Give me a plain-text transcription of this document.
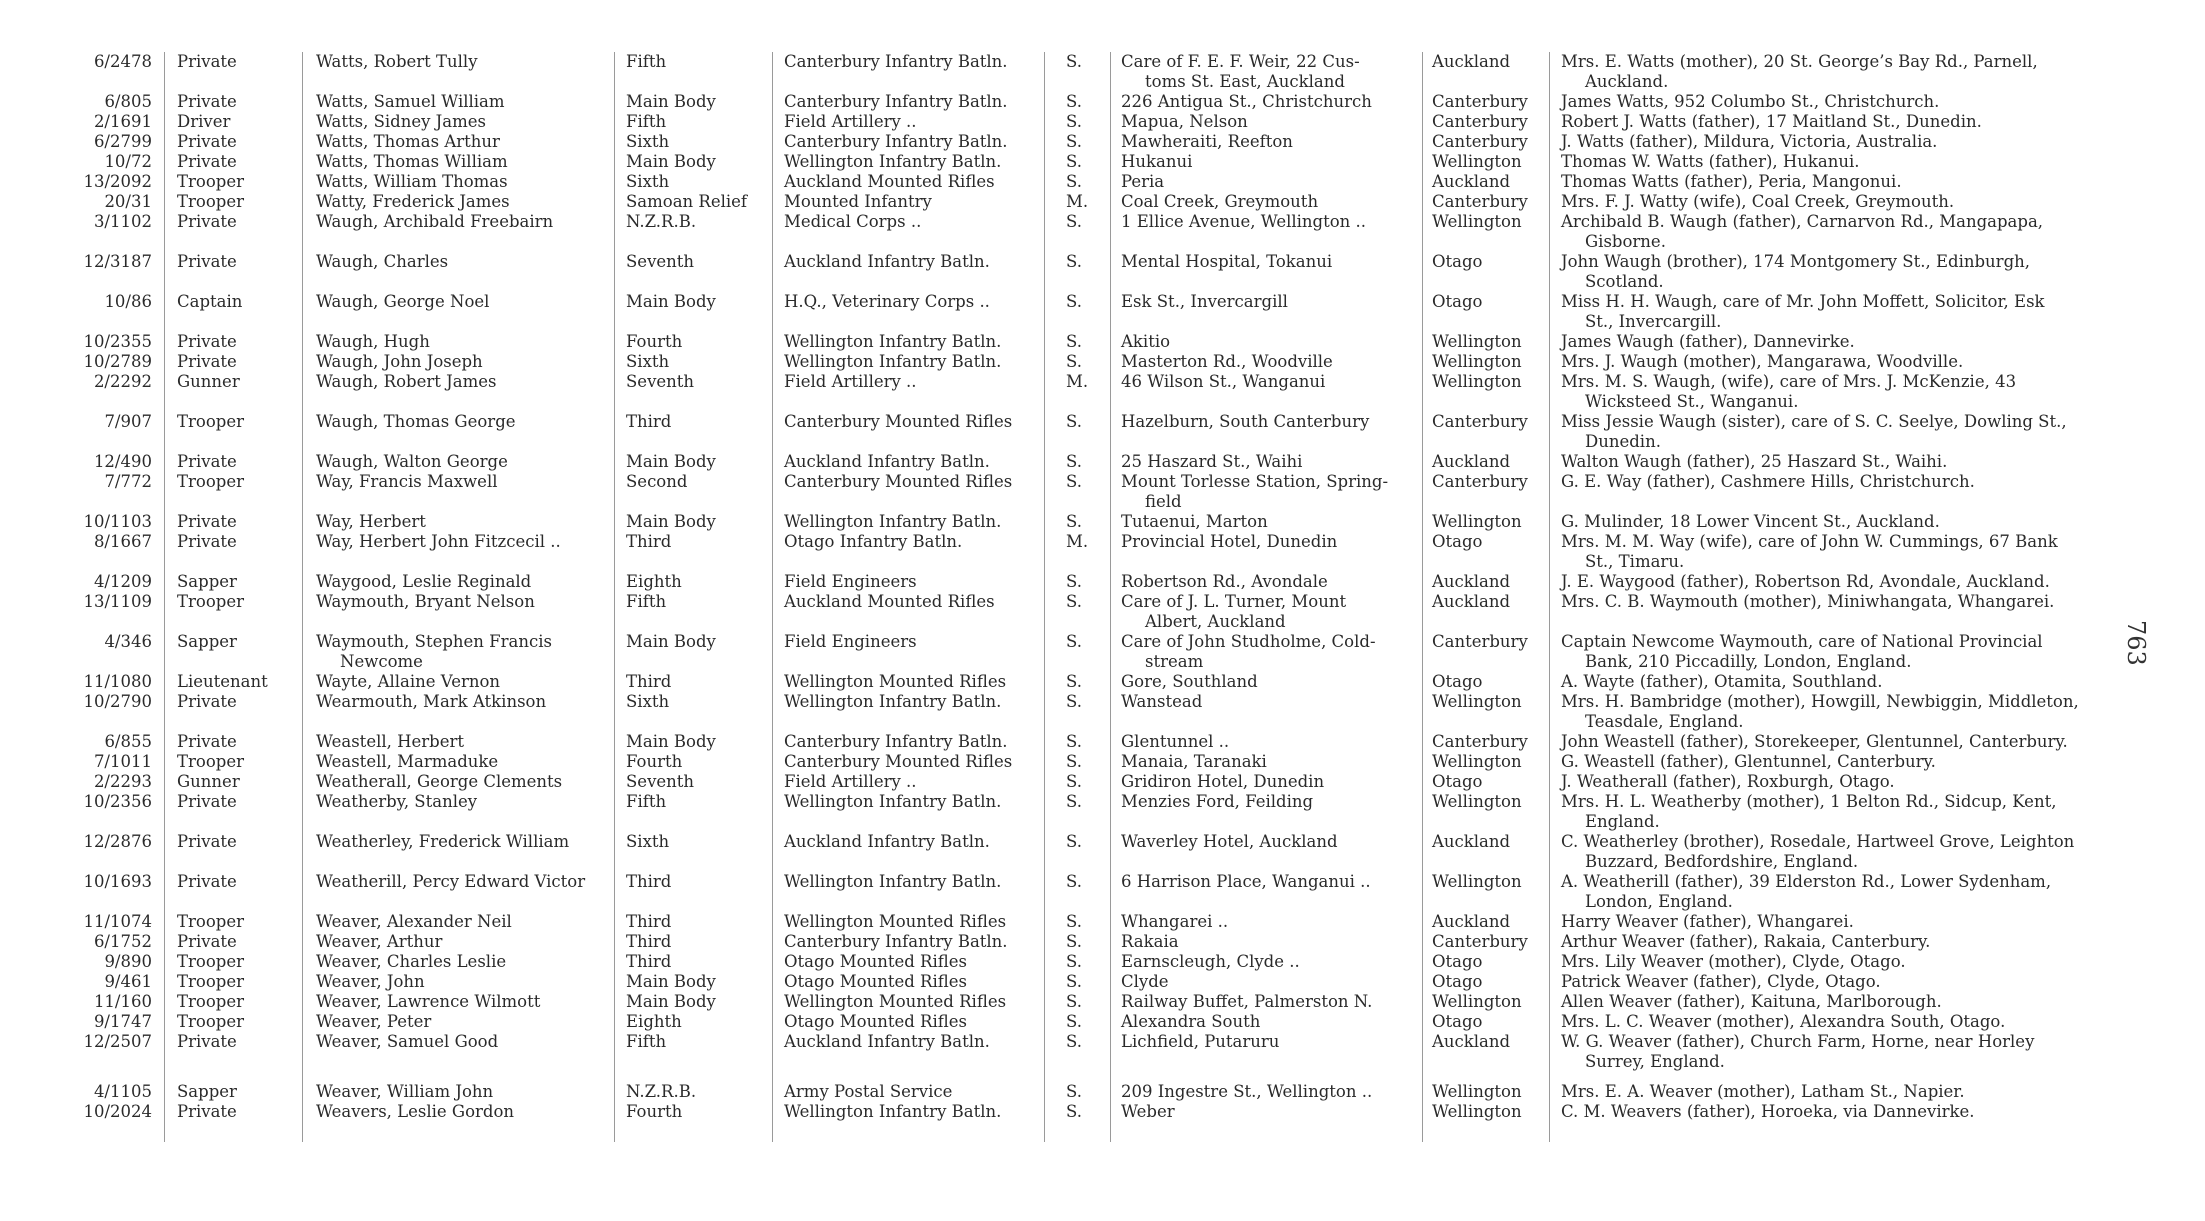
6/2478 Private	Watts, Robert Tully	Fifth	Canterbury Infantry Batln.	S. Care of F. E. F. Weir, 22 Cus-
toms St. East, Auckland
Auckland	Mrs. E. Watts (mother), 20 St. George’s Bay Rd., Parnell,
Auckland.
6/805 Private	Watts, Samuel William	Main Body	Canterbury Infantry Batln.	S. 226 Antigua St., Christchurch	Canterbury James Watts, 952 Columbo St., Christchurch.
2/1691 Driver	Watts, Sidney James	Fifth	Field Artillery ..	S. Mapua, Nelson	Canterbury Robert J. Watts (father), 17 Maitland St., Dunedin.
6/2799 Private	Watts, Thomas Arthur	Sixth	Canterbury Infantry Batln.	S. Mawheraiti, Reefton	Canterbury J. Watts (father), Mildura, Victoria, Australia.
10/72 Private	Watts, Thomas William	Main Body	Wellington Infantry Batln.	S. Hukanui	Wellington Thomas W. Watts (father), Hukanui.
13/2092 Trooper	Watts, William Thomas	Sixth	Auckland Mounted Rifles	S. Peria	Auckland	Thomas Watts (father), Peria, Mangonui.
20/31 Trooper	Watty, Frederick James	Samoan Relief Mounted Infantry	M. Coal Creek, Greymouth	Canterbury Mrs. F. J. Watty (wife), Coal Creek, Greymouth.
3/1102 Private	Waugh, Archibald Freebairn	N.Z.R.B.	Medical Corps ..	S. 1 Ellice Avenue, Wellington ..	Wellington Archibald B. Waugh (father), Carnarvon Rd., Mangapapa,
Gisborne.
12/3187 Private	Waugh, Charles	Seventh	Auckland Infantry Batln.	S. Mental Hospital, Tokanui	Otago	John Waugh (brother), 174 Montgomery St., Edinburgh,
Scotland.
10/86 Captain	Waugh, George Noel	Main Body	H.Q., Veterinary Corps ..	S. Esk St., Invercargill	Otago	Miss H. H. Waugh, care of Mr. John Moffett, Solicitor, Esk
St., Invercargill.
10/2355 Private	Waugh, Hugh	Fourth	Wellington Infantry Batln.	S. Akitio	Wellington James Waugh (father), Dannevirke.
10/2789 Private	Waugh, John Joseph	Sixth	Wellington Infantry Batln.	S. Masterton Rd., Woodville	Wellington Mrs. J. Waugh (mother), Mangarawa, Woodville.
2/2292 Gunner	Waugh, Robert James	Seventh	Field Artillery ..	M. 46 Wilson St., Wanganui	Wellington Mrs. M. S. Waugh, (wife), care of Mrs. J. McKenzie, 43
Wicksteed St., Wanganui.
7/907 Trooper	Waugh, Thomas George	Third	Canterbury Mounted Rifles	S. Hazelburn, South Canterbury	Canterbury Miss Jessie Waugh (sister), care of S. C. Seelye, Dowling St.,
Dunedin.
12/490 Private	Waugh, Walton George	Main Body	Auckland Infantry Batln.	S. 25 Haszard St., Waihi	Auckland	Walton Waugh (father), 25 Haszard St., Waihi.
7/772 Trooper	Way, Francis Maxwell	Second	Canterbury Mounted Rifles	S. Mount Torlesse Station, Spring-
field
Canterbury G. E. Way (father), Cashmere Hills, Christchurch.
10/1103 Private	Way, Herbert	Main Body	Wellington Infantry Batln.	S. Tutaenui, Marton	Wellington G. Mulinder, 18 Lower Vincent St., Auckland.
8/1667 Private	Way, Herbert John Fitzcecil ..	Third	Otago Infantry Batln.	M. Provincial Hotel, Dunedin	Otago	Mrs. M. M. Way (wife), care of John W. Cummings, 67 Bank
St., Timaru.
4/1209 Sapper	Waygood, Leslie Reginald	Eighth	Field Engineers	S. Robertson Rd., Avondale	Auckland	J. E. Waygood (father), Robertson Rd, Avondale, Auckland.
13/1109 Trooper	Waymouth, Bryant Nelson	Fifth	Auckland Mounted Rifles	S. Care of J. L. Turner, Mount
Albert, Auckland
Auckland	Mrs. C. B. Waymouth (mother), Miniwhangata, Whangarei.
4/346 Sapper	Waymouth, Stephen Francis
Newcome
Main Body	Field Engineers	S. Care of John Studholme, Cold-
stream
Canterbury Captain Newcome Waymouth, care of National Provincial
Bank, 210 Piccadilly, London, England.
11/1080 Lieutenant	Wayte, Allaine Vernon	Third	Wellington Mounted Rifles	S. Gore, Southland	Otago	A. Wayte (father), Otamita, Southland.
10/2790 Private	Wearmouth, Mark Atkinson	Sixth	Wellington Infantry Batln.	S. Wanstead	Wellington Mrs. H. Bambridge (mother), Howgill, Newbiggin, Middleton,
Teasdale, England.
6/855 Private	Weastell, Herbert	Main Body	Canterbury Infantry Batln.	S. Glentunnel ..	Canterbury John Weastell (father), Storekeeper, Glentunnel, Canterbury.
7/1011 Trooper	Weastell, Marmaduke	Fourth	Canterbury Mounted Rifles	S. Manaia, Taranaki	Wellington G. Weastell (father), Glentunnel, Canterbury.
2/2293 Gunner	Weatherall, George Clements	Seventh	Field Artillery ..	S. Gridiron Hotel, Dunedin	Otago	J. Weatherall (father), Roxburgh, Otago.
10/2356 Private	Weatherby, Stanley	Fifth	Wellington Infantry Batln.	S. Menzies Ford, Feilding	Wellington Mrs. H. L. Weatherby (mother), 1 Belton Rd., Sidcup, Kent,
England.
12/2876 Private	Weatherley, Frederick William	Sixth	Auckland Infantry Batln.	S. Waverley Hotel, Auckland	Auckland	C. Weatherley (brother), Rosedale, Hartweel Grove, Leighton
Buzzard, Bedfordshire, England.
10/1693 Private	Weatherill, Percy Edward Victor Third	Wellington Infantry Batln.	S. 6 Harrison Place, Wanganui ..	Wellington A. Weatherill (father), 39 Elderston Rd., Lower Sydenham,
London, England.
11/1074 Trooper	Weaver, Alexander Neil	Third	Wellington Mounted Rifles	S. Whangarei ..	Auckland	Harry Weaver (father), Whangarei.
6/1752 Private	Weaver, Arthur	Third	Canterbury Infantry Batln.	S. Rakaia	Canterbury Arthur Weaver (father), Rakaia, Canterbury.
9/890 Trooper	Weaver, Charles Leslie	Third	Otago Mounted Rifles	S. Earnscleugh, Clyde ..	Otago	Mrs. Lily Weaver (mother), Clyde, Otago.
9/461 Trooper	Weaver, John	Main Body	Otago Mounted Rifles	S. Clyde	Otago	Patrick Weaver (father), Clyde, Otago.
11/160 Trooper	Weaver, Lawrence Wilmott	Main Body	Wellington Mounted Rifles	S. Railway Buffet, Palmerston N.	Wellington Allen Weaver (father), Kaituna, Marlborough.
9/1747 Trooper	Weaver, Peter	Eighth	Otago Mounted Rifles	S. Alexandra South	Otago	Mrs. L. C. Weaver (mother), Alexandra South, Otago.
12/2507 Private	Weaver, Samuel Good	Fifth	Auckland Infantry Batln.	S. Lichfield, Putaruru	Auckland	W. G. Weaver (father), Church Farm, Horne, near Horley
Surrey, England.
4/1105 Sapper	Weaver, William John	N.Z.R.B.	Army Postal Service	S. 209 Ingestre St., Wellington ..	Wellington Mrs. E. A. Weaver (mother), Latham St., Napier.
10/2024 Private	Weavers, Leslie Gordon	Fourth	Wellington Infantry Batln.	S. Weber	Wellington C. M. Weavers (father), Horoeka, via Dannevirke.
763
